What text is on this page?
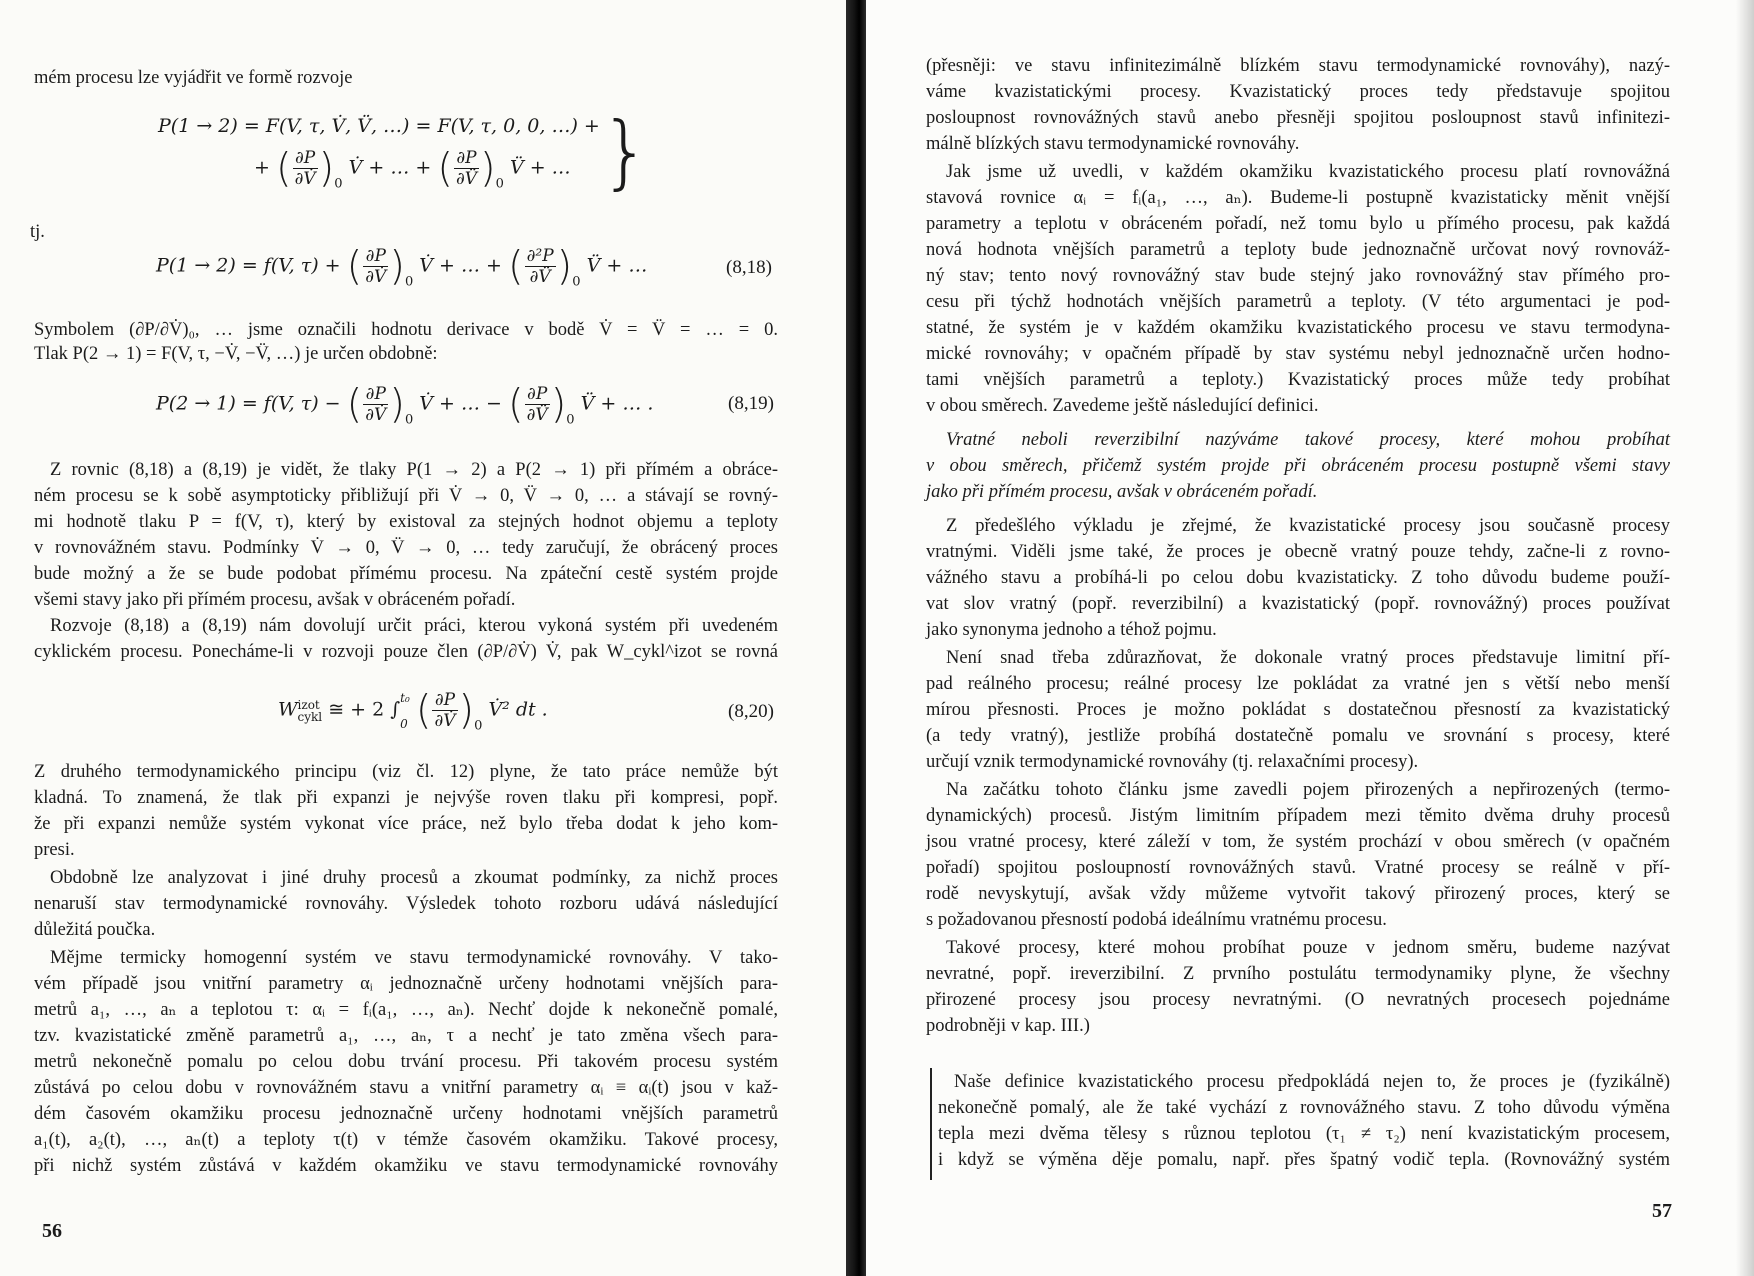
mém procesu lze vyjádřit ve formě rozvoje
P(1 → 2) = F(V, τ, V̇, V̈, …) = F(V, τ, 0, 0, …) + }
+ ( $\frac{\partial P}{\partial V̇} )_0$ V̇ + … + ( $\frac{\partial P}{\partial V̈} )_0$ V̈ + …
tj.
P(1 → 2) = f(V, τ) + ( $\frac{\partial P}{\partial V̇} )_0$ V̇ + … + ( $\frac{\text{∂²P}}{\partial V̈} )_0$ V̈ + …	(8,18)
Symbolem (∂P/∂V̇)₀, … jsme označili hodnotu derivace v bodě V̇ = V̈ = … = 0.
Tlak P(2 → 1) = F(V, τ, −V̇, −V̈, …) je určen obdobně:
P(2 → 1) = f(V, τ) − ( $\frac{\partial P}{\partial V̇} )_0$ V̇ + … − ( $\frac{\partial P}{\partial V̈} )_0$ V̈ + … .	(8,19)
Z rovnic (8,18) a (8,19) je vidět, že tlaky P(1 → 2) a P(2 → 1) při přímém a obráce-
ném procesu se k sobě asymptoticky přibližují při V̇ → 0, V̈ → 0, … a stávají se rovný-
mi hodnotě tlaku P = f(V, τ), který by existoval za stejných hodnot objemu a teploty
v rovnovážném stavu. Podmínky V̇ → 0, V̈ → 0, … tedy zaručují, že obrácený proces
bude možný a že se bude podobat přímému procesu. Na zpáteční cestě systém projde
všemi stavy jako při přímém procesu, avšak v obráceném pořadí.
Rozvoje (8,18) a (8,19) nám dovolují určit práci, kterou vykoná systém při uvedeném
cyklickém procesu. Ponecháme-li v rozvoji pouze člen (∂P/∂V̇) V̇, pak W_cykl^izot se rovná
W izot
cykl ≅ + 2 ∫
t₀
0 ( $\frac{\partial P}{\partial V̇} )_0$ V̇² dt .	(8,20)
Z druhého termodynamického principu (viz čl. 12) plyne, že tato práce nemůže být
kladná. To znamená, že tlak při expanzi je nejvýše roven tlaku při kompresi, popř.
že při expanzi nemůže systém vykonat více práce, než bylo třeba dodat k jeho kom-
presi.
Obdobně lze analyzovat i jiné druhy procesů a zkoumat podmínky, za nichž proces
nenaruší stav termodynamické rovnováhy. Výsledek tohoto rozboru udává následující
důležitá poučka.
Mějme termicky homogenní systém ve stavu termodynamické rovnováhy. V tako-
vém případě jsou vnitřní parametry αᵢ jednoznačně určeny hodnotami vnějších para-
metrů a₁, …, aₙ a teplotou τ: αᵢ = fᵢ(a₁, …, aₙ). Nechť dojde k nekonečně pomalé,
tzv. kvazistatické změně parametrů a₁, …, aₙ, τ a nechť je tato změna všech para-
metrů nekonečně pomalu po celou dobu trvání procesu. Při takovém procesu systém
zůstává po celou dobu v rovnovážném stavu a vnitřní parametry αᵢ ≡ αᵢ(t) jsou v kaž-
dém časovém okamžiku procesu jednoznačně určeny hodnotami vnějších parametrů
a₁(t), a₂(t), …, aₙ(t) a teploty τ(t) v témže časovém okamžiku. Takové procesy,
při nichž systém zůstává v každém okamžiku ve stavu termodynamické rovnováhy
56
(přesněji: ve stavu infinitezimálně blízkém stavu termodynamické rovnováhy), nazý-
váme kvazistatickými procesy. Kvazistatický proces tedy představuje spojitou
posloupnost rovnovážných stavů anebo přesněji spojitou posloupnost stavů infinitezi-
málně blízkých stavu termodynamické rovnováhy.
Jak jsme už uvedli, v každém okamžiku kvazistatického procesu platí rovnovážná
stavová rovnice αᵢ = fᵢ(a₁, …, aₙ). Budeme-li postupně kvazistaticky měnit vnější
parametry a teplotu v obráceném pořadí, než tomu bylo u přímého procesu, pak každá
nová hodnota vnějších parametrů a teploty bude jednoznačně určovat nový rovnováž-
ný stav; tento nový rovnovážný stav bude stejný jako rovnovážný stav přímého pro-
cesu při týchž hodnotách vnějších parametrů a teploty. (V této argumentaci je pod-
statné, že systém je v každém okamžiku kvazistatického procesu ve stavu termodyna-
mické rovnováhy; v opačném případě by stav systému nebyl jednoznačně určen hodno-
tami vnějších parametrů a teploty.) Kvazistatický proces může tedy probíhat
v obou směrech. Zavedeme ještě následující definici.
Vratné neboli reverzibilní nazýváme takové procesy, které mohou probíhat
v obou směrech, přičemž systém projde při obráceném procesu postupně všemi stavy
jako při přímém procesu, avšak v obráceném pořadí.
Z předešlého výkladu je zřejmé, že kvazistatické procesy jsou současně procesy
vratnými. Viděli jsme také, že proces je obecně vratný pouze tehdy, začne-li z rovno-
vážného stavu a probíhá-li po celou dobu kvazistaticky. Z toho důvodu budeme použí-
vat slov vratný (popř. reverzibilní) a kvazistatický (popř. rovnovážný) proces používat
jako synonyma jednoho a téhož pojmu.
Není snad třeba zdůrazňovat, že dokonale vratný proces představuje limitní pří-
pad reálného procesu; reálné procesy lze pokládat za vratné jen s větší nebo menší
mírou přesnosti. Proces je možno pokládat s dostatečnou přesností za kvazistatický
(a tedy vratný), jestliže probíhá dostatečně pomalu ve srovnání s procesy, které
určují vznik termodynamické rovnováhy (tj. relaxačními procesy).
Na začátku tohoto článku jsme zavedli pojem přirozených a nepřirozených (termo-
dynamických) procesů. Jistým limitním případem mezi těmito dvěma druhy procesů
jsou vratné procesy, které záleží v tom, že systém prochází v obou směrech (v opačném
pořadí) spojitou posloupností rovnovážných stavů. Vratné procesy se reálně v pří-
rodě nevyskytují, avšak vždy můžeme vytvořit takový přirozený proces, který se
s požadovanou přesností podobá ideálnímu vratnému procesu.
Takové procesy, které mohou probíhat pouze v jednom směru, budeme nazývat
nevratné, popř. ireverzibilní. Z prvního postulátu termodynamiky plyne, že všechny
přirozené procesy jsou procesy nevratnými. (O nevratných procesech pojednáme
podrobněji v kap. III.)
Naše definice kvazistatického procesu předpokládá nejen to, že proces je (fyzikálně)
nekonečně pomalý, ale že také vychází z rovnovážného stavu. Z toho důvodu výměna
tepla mezi dvěma tělesy s různou teplotou (τ₁ ≠ τ₂) není kvazistatickým procesem,
i když se výměna děje pomalu, např. přes špatný vodič tepla. (Rovnovážný systém
57
